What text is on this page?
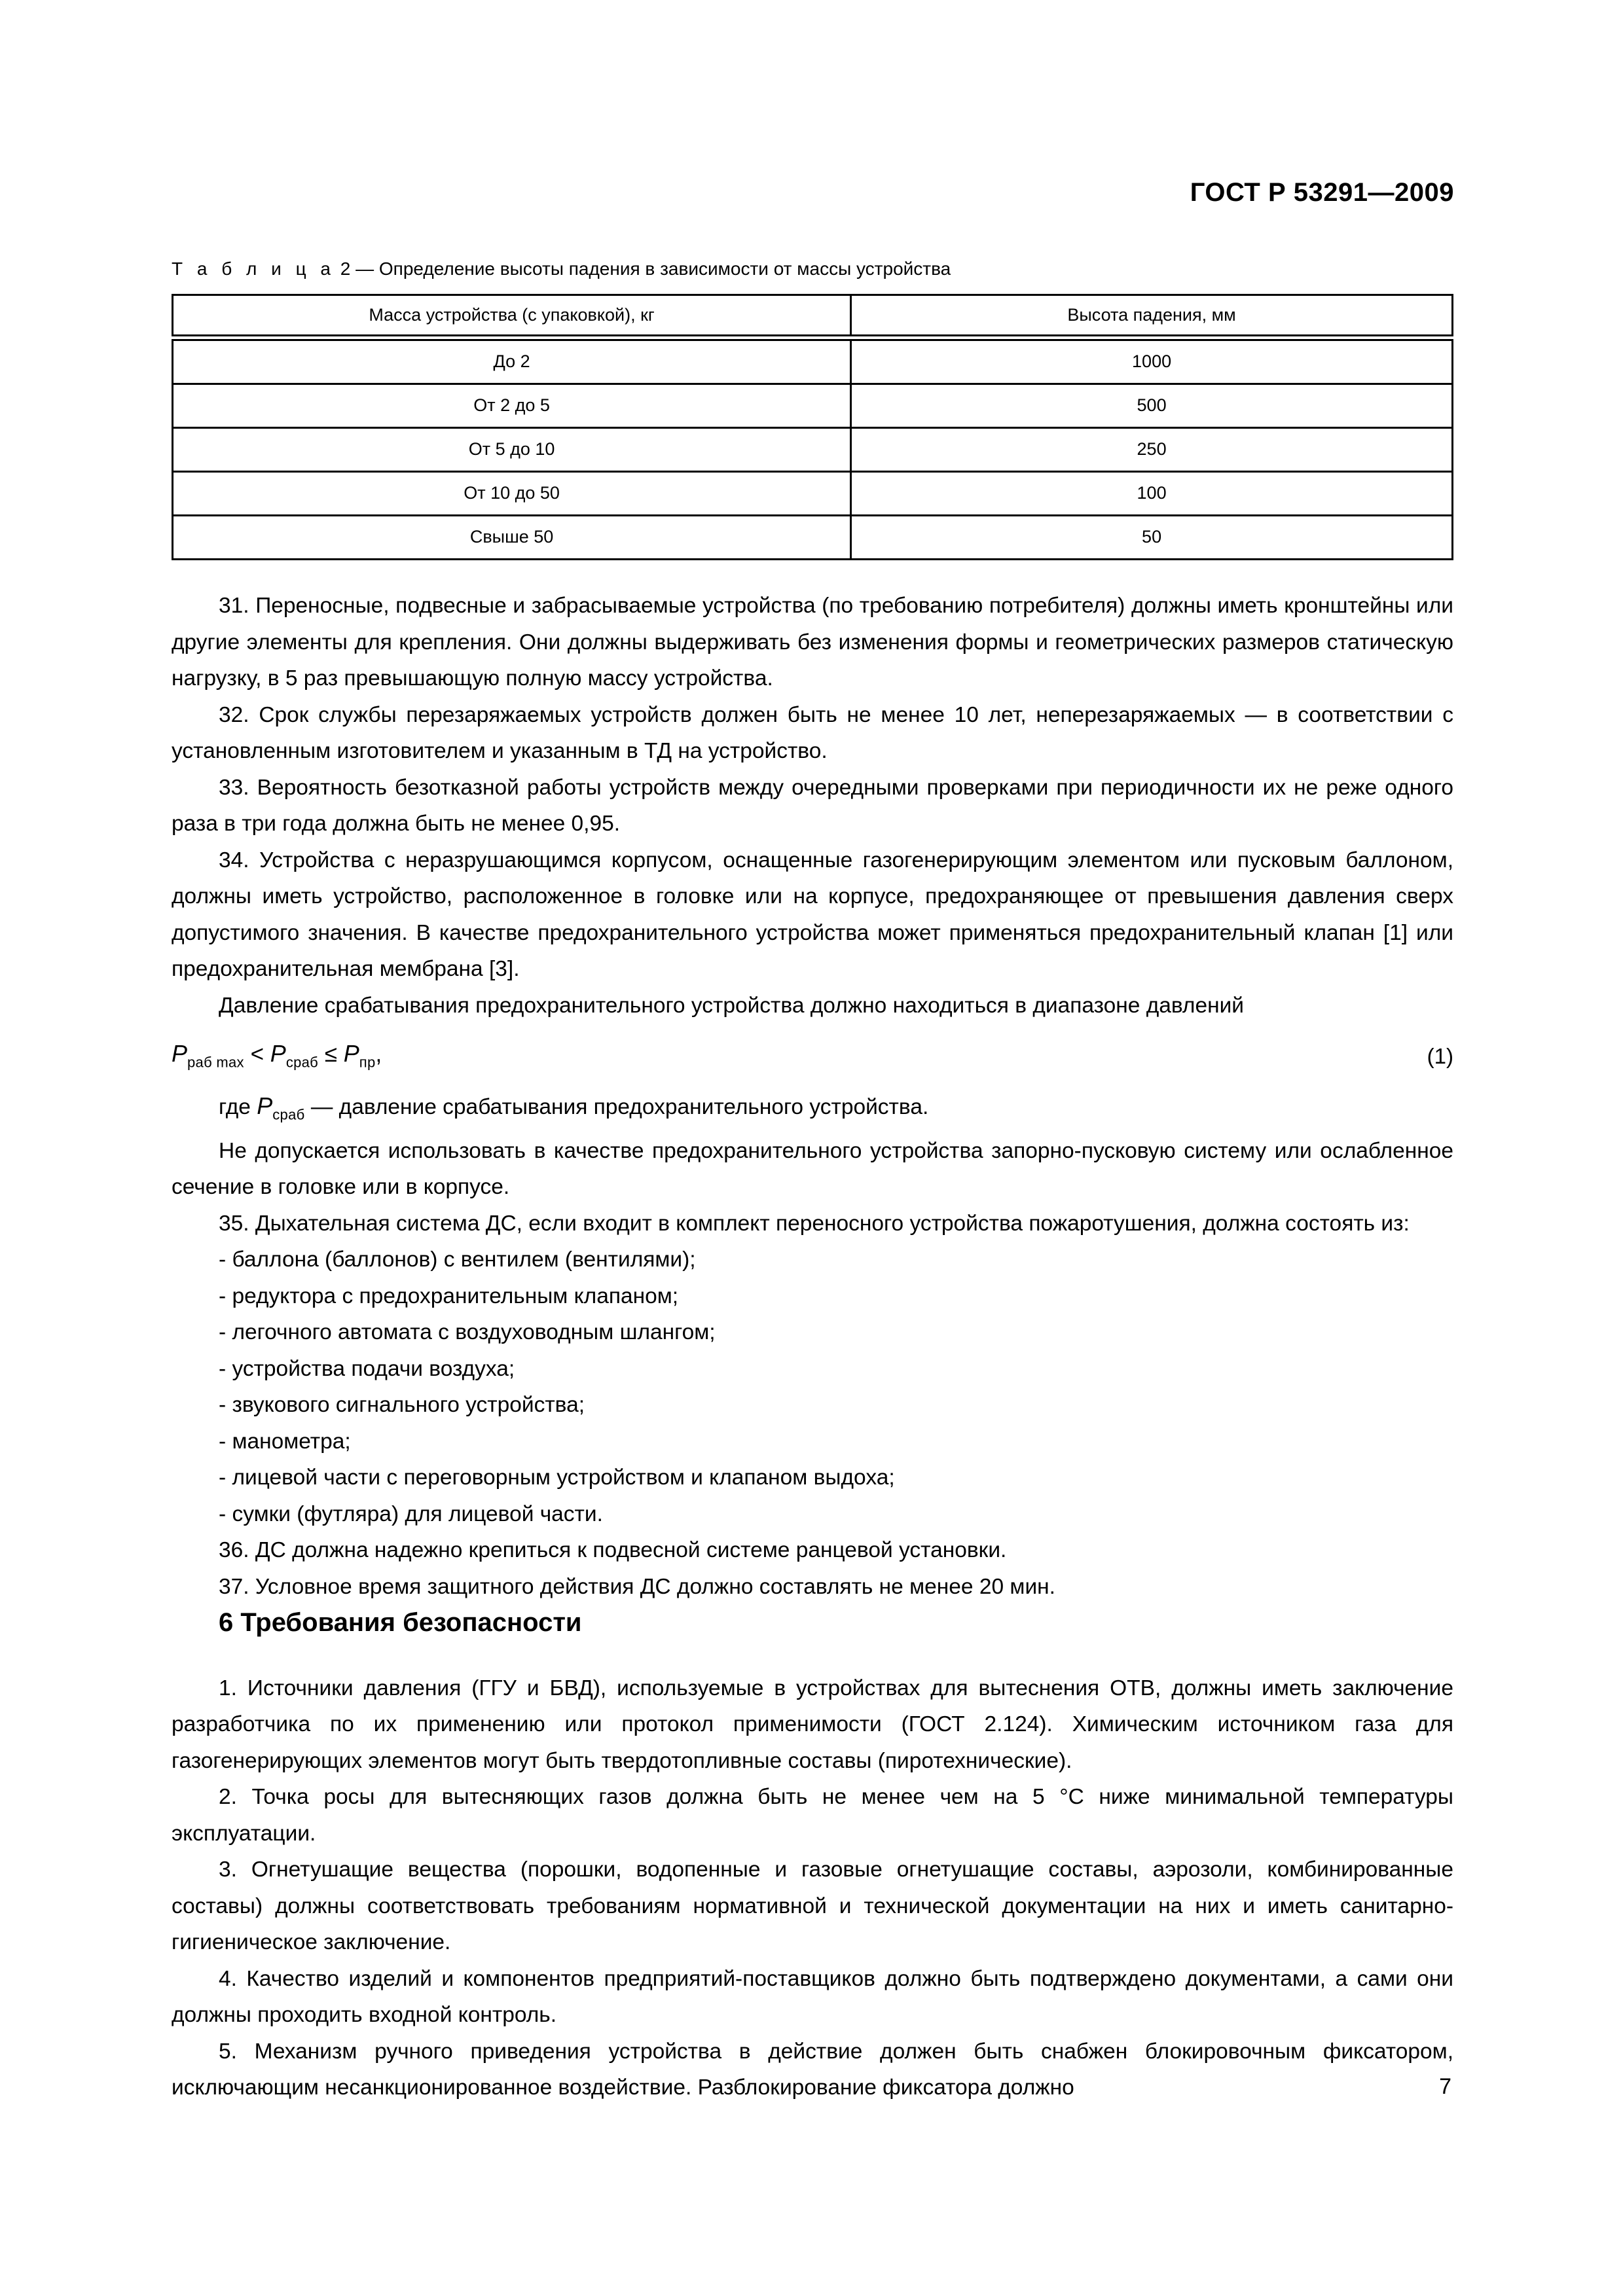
ГОСТ Р 53291—2009
Т а б л и ц а 2 — Определение высоты падения в зависимости от массы устройства
Масса устройства (с упаковкой), кг	Высота падения, мм

До 2	1000
От 2 до 5	500
От 5 до 10	250
От 10 до 50	100
Свыше 50	50

31. Переносные, подвесные и забрасываемые устройства (по требованию потребителя) должны иметь кронштейны или другие элементы для крепления. Они должны выдерживать без изменения формы и геометрических размеров статическую нагрузку, в 5 раз превышающую полную массу устройства.

32. Срок службы перезаряжаемых устройств должен быть не менее 10 лет, неперезаряжаемых — в соответствии с установленным изготовителем и указанным в ТД на устройство.

33. Вероятность безотказной работы устройств между очередными проверками при периодичности их не реже одного раза в три года должна быть не менее 0,95.

34. Устройства с неразрушающимся корпусом, оснащенные газогенерирующим элементом или пусковым баллоном, должны иметь устройство, расположенное в головке или на корпусе, предохраняющее от превышения давления сверх допустимого значения. В качестве предохранительного устройства может применяться предохранительный клапан [1] или предохранительная мембрана [3].

Давление срабатывания предохранительного устройства должно находиться в диапазоне давлений

$P_{раб max} < P_{сраб} \le P_{пр}$,	(1)

где $P_{сраб}$ — давление срабатывания предохранительного устройства.

Не допускается использовать в качестве предохранительного устройства запорно-пусковую систему или ослабленное сечение в головке или в корпусе.

35. Дыхательная система ДС, если входит в комплект переносного устройства пожаротушения, должна состоять из:

- баллона (баллонов) с вентилем (вентилями);

- редуктора с предохранительным клапаном;

- легочного автомата с воздуховодным шлангом;

- устройства подачи воздуха;

- звукового сигнального устройства;

- манометра;

- лицевой части с переговорным устройством и клапаном выдоха;

- сумки (футляра) для лицевой части.

36. ДС должна надежно крепиться к подвесной системе ранцевой установки.

37. Условное время защитного действия ДС должно составлять не менее 20 мин.

6 Требования безопасности

1. Источники давления (ГГУ и БВД), используемые в устройствах для вытеснения ОТВ, должны иметь заключение разработчика по их применению или протокол применимости (ГОСТ 2.124). Химическим источником газа для газогенерирующих элементов могут быть твердотопливные составы (пиротехнические).

2. Точка росы для вытесняющих газов должна быть не менее чем на 5 °С ниже минимальной температуры эксплуатации.

3. Огнетушащие вещества (порошки, водопенные и газовые огнетушащие составы, аэрозоли, комбинированные составы) должны соответствовать требованиям нормативной и технической документации на них и иметь санитарно-гигиеническое заключение.

4. Качество изделий и компонентов предприятий-поставщиков должно быть подтверждено документами, а сами они должны проходить входной контроль.

5. Механизм ручного приведения устройства в действие должен быть снабжен блокировочным фиксатором, исключающим несанкционированное воздействие. Разблокирование фиксатора должно	7
